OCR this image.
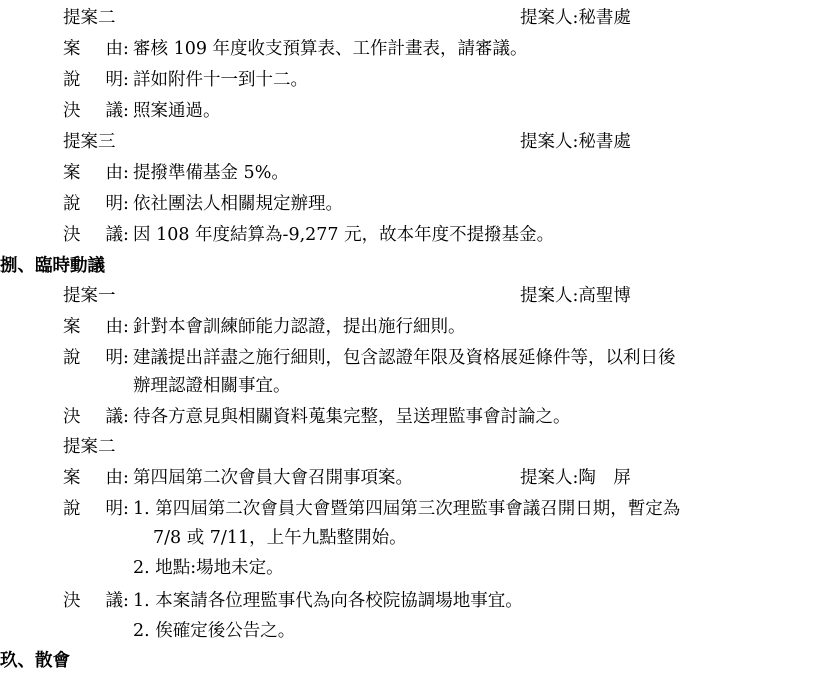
提案二	提案人:秘書處
案 由 : 審核 109 年度收支預算表、工作計畫表，請審議。
說 明 : 詳如附件十一到十二。
決 議 : 照案通過。
提案三	提案人:秘書處
案 由 : 提撥準備基金 5%。
說 明 : 依社團法人相關規定辦理。
決 議 : 因 108 年度結算為-9,277 元，故本年度不提撥基金。
捌、臨時動議
提案一	提案人:高聖博
案 由 : 針對本會訓練師能力認證，提出施行細則。
說 明 : 建議提出詳盡之施行細則，包含認證年限及資格展延條件等，以利日後
辦理認證相關事宜。
決 議 : 待各方意見與相關資料蒐集完整，呈送理監事會討論之。
提案二
案 由 : 第四屆第二次會員大會召開事項案。	提案人:陶　屏
說 明 : 1. 第四屆第二次會員大會暨第四屆第三次理監事會議召開日期，暫定為
7/8 或 7/11，上午九點整開始。
2. 地點:場地未定。
決 議 : 1. 本案請各位理監事代為向各校院協調場地事宜。
2. 俟確定後公告之。
玖、散會
